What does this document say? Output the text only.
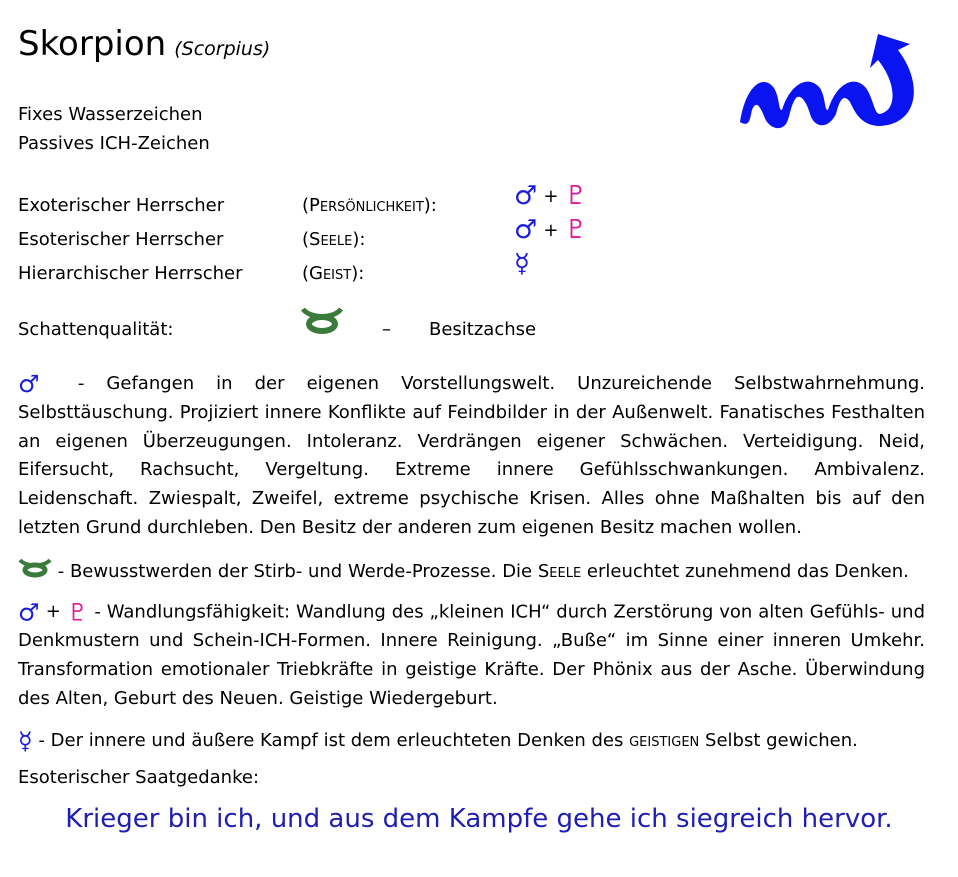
Skorpion (Scorpius)
Fixes Wasserzeichen
Passives ICH-Zeichen
Exoterischer Herrscher	(Persönlichkeit):	♂ + ♇
Esoterischer Herrscher	(Seele):	♂ + ♇
Hierarchischer Herrscher	(Geist):	☿
Schattenqualität:	– Besitzachse
♂ - Gefangen in der eigenen Vorstellungswelt. Unzureichende Selbstwahrnehmung. Selbsttäuschung. Projiziert innere Konflikte auf Feindbilder in der Außenwelt. Fanatisches Festhalten an eigenen Überzeugungen. Intoleranz. Verdrängen eigener Schwächen. Verteidigung. Neid, Eifersucht, Rachsucht, Vergeltung. Extreme innere Gefühlsschwankungen. Ambivalenz. Leidenschaft. Zwiespalt, Zweifel, extreme psychische Krisen. Alles ohne Maßhalten bis auf den letzten Grund durchleben. Den Besitz der anderen zum eigenen Besitz machen wollen.
- Bewusstwerden der Stirb- und Werde-Prozesse. Die Seele erleuchtet zunehmend das Denken.
♂ + ♇ - Wandlungsfähigkeit: Wandlung des „kleinen ICH“ durch Zerstörung von alten Gefühls- und Denkmustern und Schein-ICH-Formen. Innere Reinigung. „Buße“ im Sinne einer inneren Umkehr. Transformation emotionaler Triebkräfte in geistige Kräfte. Der Phönix aus der Asche. Überwindung des Alten, Geburt des Neuen. Geistige Wiedergeburt.
☿ - Der innere und äußere Kampf ist dem erleuchteten Denken des geistigen Selbst gewichen.
Esoterischer Saatgedanke:
Krieger bin ich, und aus dem Kampfe gehe ich siegreich hervor.
